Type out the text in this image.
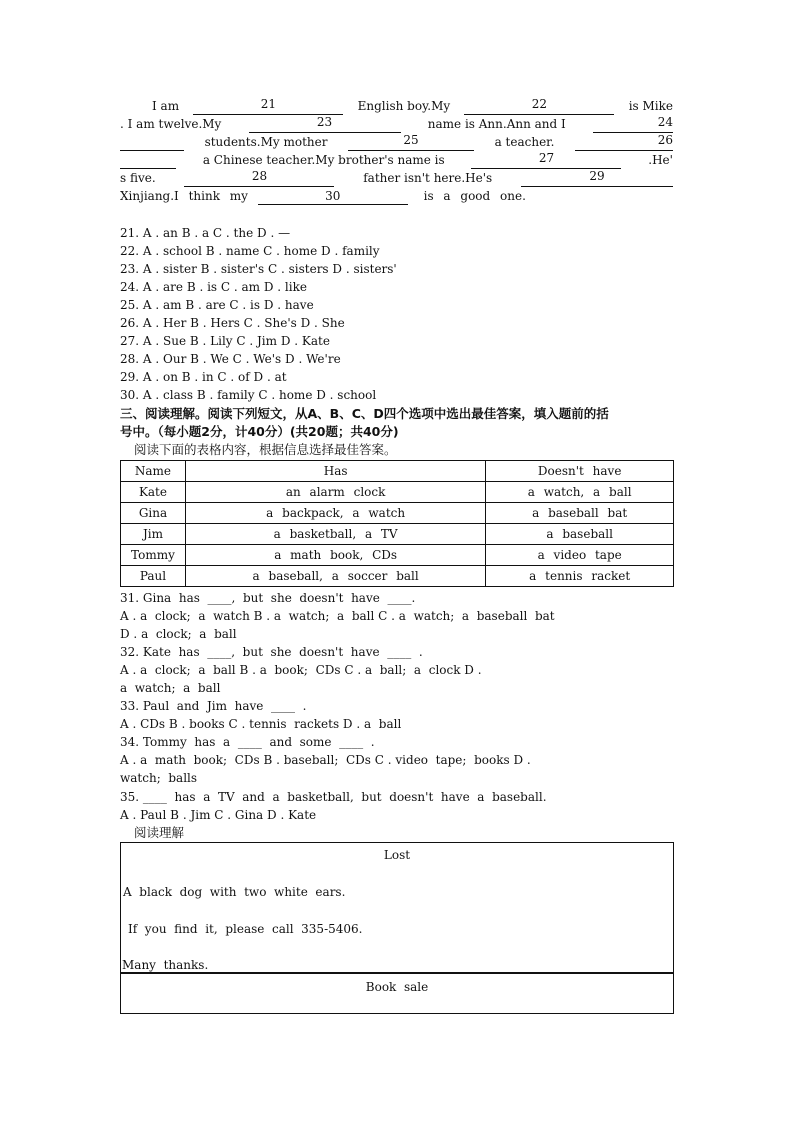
I am	21	English boy.My	22	is Mike
. I am twelve.My	23	name is Ann.Ann and I	24
students.My mother	25	a teacher.	26
a Chinese teacher.My brother's name is	27	.He'
s five.	28	father isn't here.He's	29
Xinjiang.I think my	30	is a good one.
21. A . an B . a C . the D . —
22. A . school B . name C . home D . family
23. A . sister B . sister's C . sisters D . sisters'
24. A . are B . is C . am D . like
25. A . am B . are C . is D . have
26. A . Her B . Hers C . She's D . She
27. A . Sue B . Lily C . Jim D . Kate
28. A . Our B . We C . We's D . We're
29. A . on B . in C . of D . at
30. A . class B . family C . home D . school
三、阅读理解。阅读下列短文，从A、B、C、D四个选项中选出最佳答案，填入题前的括
号中。（每小题2分，计40分）(共20题；共40分)
阅读下面的表格内容，根据信息选择最佳答案。
Name	Has	Doesn't have
Kate	an alarm clock	a watch, a ball
Gina	a backpack, a watch	a baseball bat
Jim	a basketball, a TV	a baseball
Tommy	a math book, CDs	a video tape
Paul	a baseball, a soccer ball	a tennis racket
31. Gina  has  ____,  but  she  doesn't  have  ____.
A . a  clock;  a  watch B . a  watch;  a  ball C . a  watch;  a  baseball  bat
D . a  clock;  a  ball
32. Kate  has  ____,  but  she  doesn't  have  ____  .
A . a  clock;  a  ball B . a  book;  CDs C . a  ball;  a  clock D .
a  watch;  a  ball
33. Paul  and  Jim  have  ____  .
A . CDs B . books C . tennis  rackets D . a  ball
34. Tommy  has  a  ____  and  some  ____  .
A . a  math  book;  CDs B . baseball;  CDs C . video  tape;  books D .
watch;  balls
35. ____  has  a  TV  and  a  basketball,  but  doesn't  have  a  baseball.
A . Paul B . Jim C . Gina D . Kate
阅读理解
Lost
A  black  dog  with  two  white  ears.
If  you  find  it,  please  call  335-5406.
Many  thanks.
Book  sale
